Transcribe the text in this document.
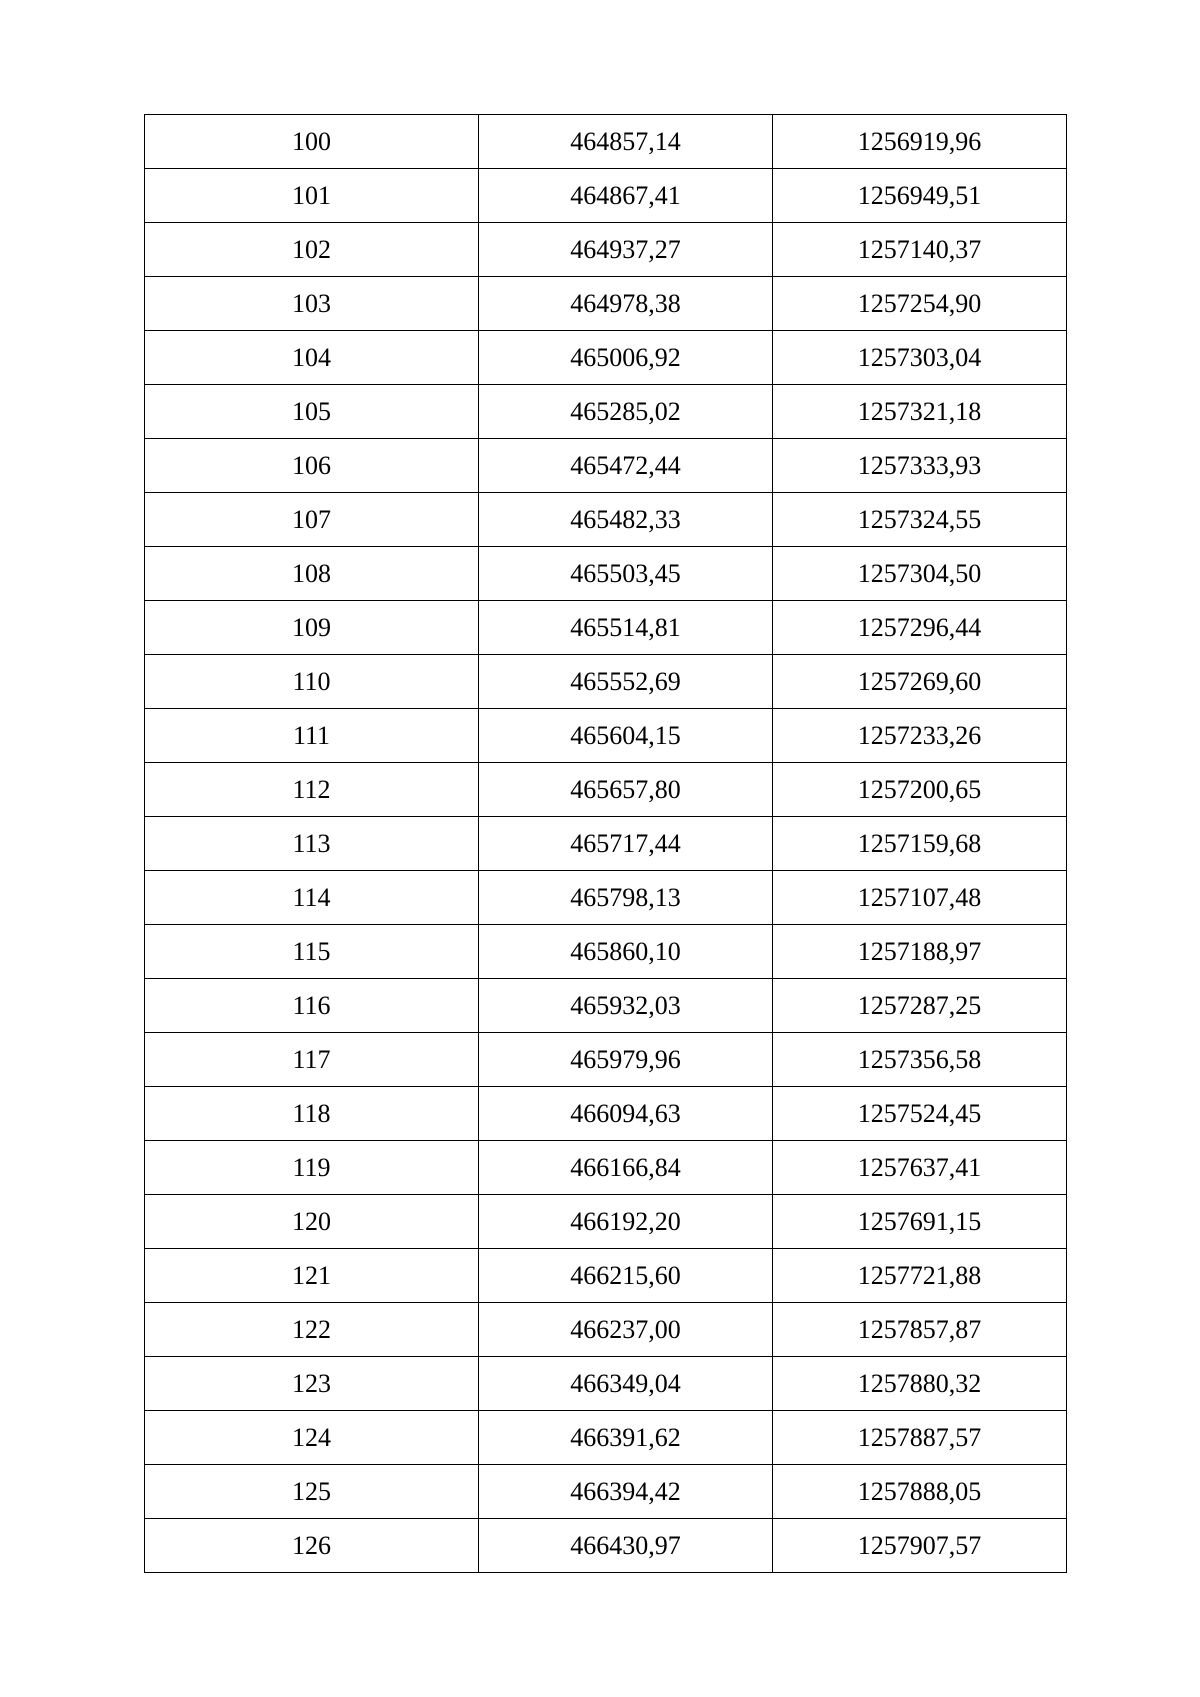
100	464857,14	1256919,96
101	464867,41	1256949,51
102	464937,27	1257140,37
103	464978,38	1257254,90
104	465006,92	1257303,04
105	465285,02	1257321,18
106	465472,44	1257333,93
107	465482,33	1257324,55
108	465503,45	1257304,50
109	465514,81	1257296,44
110	465552,69	1257269,60
111	465604,15	1257233,26
112	465657,80	1257200,65
113	465717,44	1257159,68
114	465798,13	1257107,48
115	465860,10	1257188,97
116	465932,03	1257287,25
117	465979,96	1257356,58
118	466094,63	1257524,45
119	466166,84	1257637,41
120	466192,20	1257691,15
121	466215,60	1257721,88
122	466237,00	1257857,87
123	466349,04	1257880,32
124	466391,62	1257887,57
125	466394,42	1257888,05
126	466430,97	1257907,57
